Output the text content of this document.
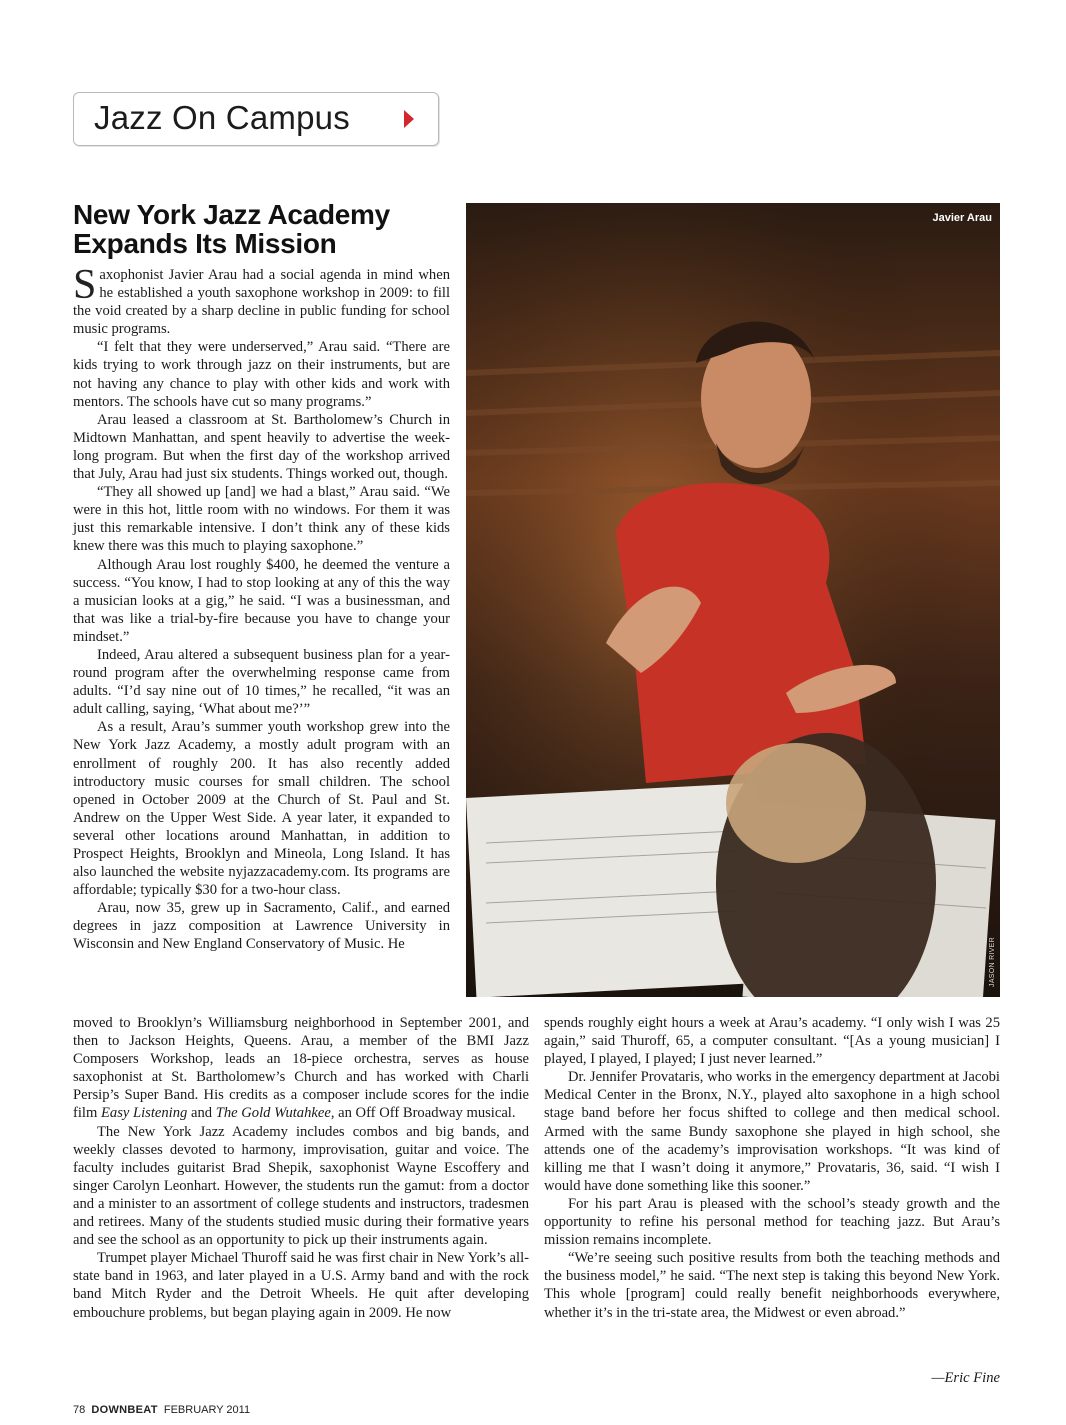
Jazz On Campus
New York Jazz Academy
Expands Its Mission

Saxophonist Javier Arau had a social agenda in mind when he established a youth saxophone workshop in 2009: to fill the void created by a sharp decline in public funding for school music programs.

“I felt that they were underserved,” Arau said. “There are kids trying to work through jazz on their instruments, but are not having any chance to play with other kids and work with mentors. The schools have cut so many programs.”

Arau leased a classroom at St. Bartholomew’s Church in Midtown Manhattan, and spent heavily to advertise the week-long program. But when the first day of the workshop arrived that July, Arau had just six students. Things worked out, though.

“They all showed up [and] we had a blast,” Arau said. “We were in this hot, little room with no windows. For them it was just this remarkable intensive. I don’t think any of these kids knew there was this much to playing saxophone.”

Although Arau lost roughly $400, he deemed the venture a success. “You know, I had to stop looking at any of this the way a musician looks at a gig,” he said. “I was a businessman, and that was like a trial-by-fire because you have to change your mindset.”

Indeed, Arau altered a subsequent business plan for a year-round program after the overwhelming response came from adults. “I’d say nine out of 10 times,” he recalled, “it was an adult calling, saying, ‘What about me?’”

As a result, Arau’s summer youth workshop grew into the New York Jazz Academy, a mostly adult program with an enrollment of roughly 200. It has also recently added introductory music courses for small children. The school opened in October 2009 at the Church of St. Paul and St. Andrew on the Upper West Side. A year later, it expanded to several other locations around Manhattan, in addition to Prospect Heights, Brooklyn and Mineola, Long Island. It has also launched the website nyjazzacademy.com. Its programs are affordable; typically $30 for a two-hour class.

Arau, now 35, grew up in Sacramento, Calif., and earned degrees in jazz composition at Lawrence University in Wisconsin and New England Conservatory of Music. He

Javier Arau
JASON RIVER

moved to Brooklyn’s Williamsburg neighborhood in September 2001, and then to Jackson Heights, Queens. Arau, a member of the BMI Jazz Composers Workshop, leads an 18-piece orchestra, serves as house saxophonist at St. Bartholomew’s Church and has worked with Charli Persip’s Super Band. His credits as a composer include scores for the indie film Easy Listening and The Gold Wutahkee, an Off Off Broadway musical.

The New York Jazz Academy includes combos and big bands, and weekly classes devoted to harmony, improvisation, guitar and voice. The faculty includes guitarist Brad Shepik, saxophonist Wayne Escoffery and singer Carolyn Leonhart. However, the students run the gamut: from a doctor and a minister to an assortment of college students and instructors, tradesmen and retirees. Many of the students studied music during their formative years and see the school as an opportunity to pick up their instruments again.

Trumpet player Michael Thuroff said he was first chair in New York’s all-state band in 1963, and later played in a U.S. Army band and with the rock band Mitch Ryder and the Detroit Wheels. He quit after developing embouchure problems, but began playing again in 2009. He now

spends roughly eight hours a week at Arau’s academy. “I only wish I was 25 again,” said Thuroff, 65, a computer consultant. “[As a young musician] I played, I played, I played; I just never learned.”

Dr. Jennifer Provataris, who works in the emergency department at Jacobi Medical Center in the Bronx, N.Y., played alto saxophone in a high school stage band before her focus shifted to college and then medical school. Armed with the same Bundy saxophone she played in high school, she attends one of the academy’s improvisation workshops. “It was kind of killing me that I wasn’t doing it anymore,” Provataris, 36, said. “I wish I would have done something like this sooner.”

For his part Arau is pleased with the school’s steady growth and the opportunity to refine his personal method for teaching jazz. But Arau’s mission remains incomplete.

“We’re seeing such positive results from both the teaching methods and the business model,” he said. “The next step is taking this beyond New York. This whole [program] could really benefit neighborhoods everywhere, whether it’s in the tri-state area, the Midwest or even abroad.”

—Eric Fine
78 DOWNBEAT FEBRUARY 2011
